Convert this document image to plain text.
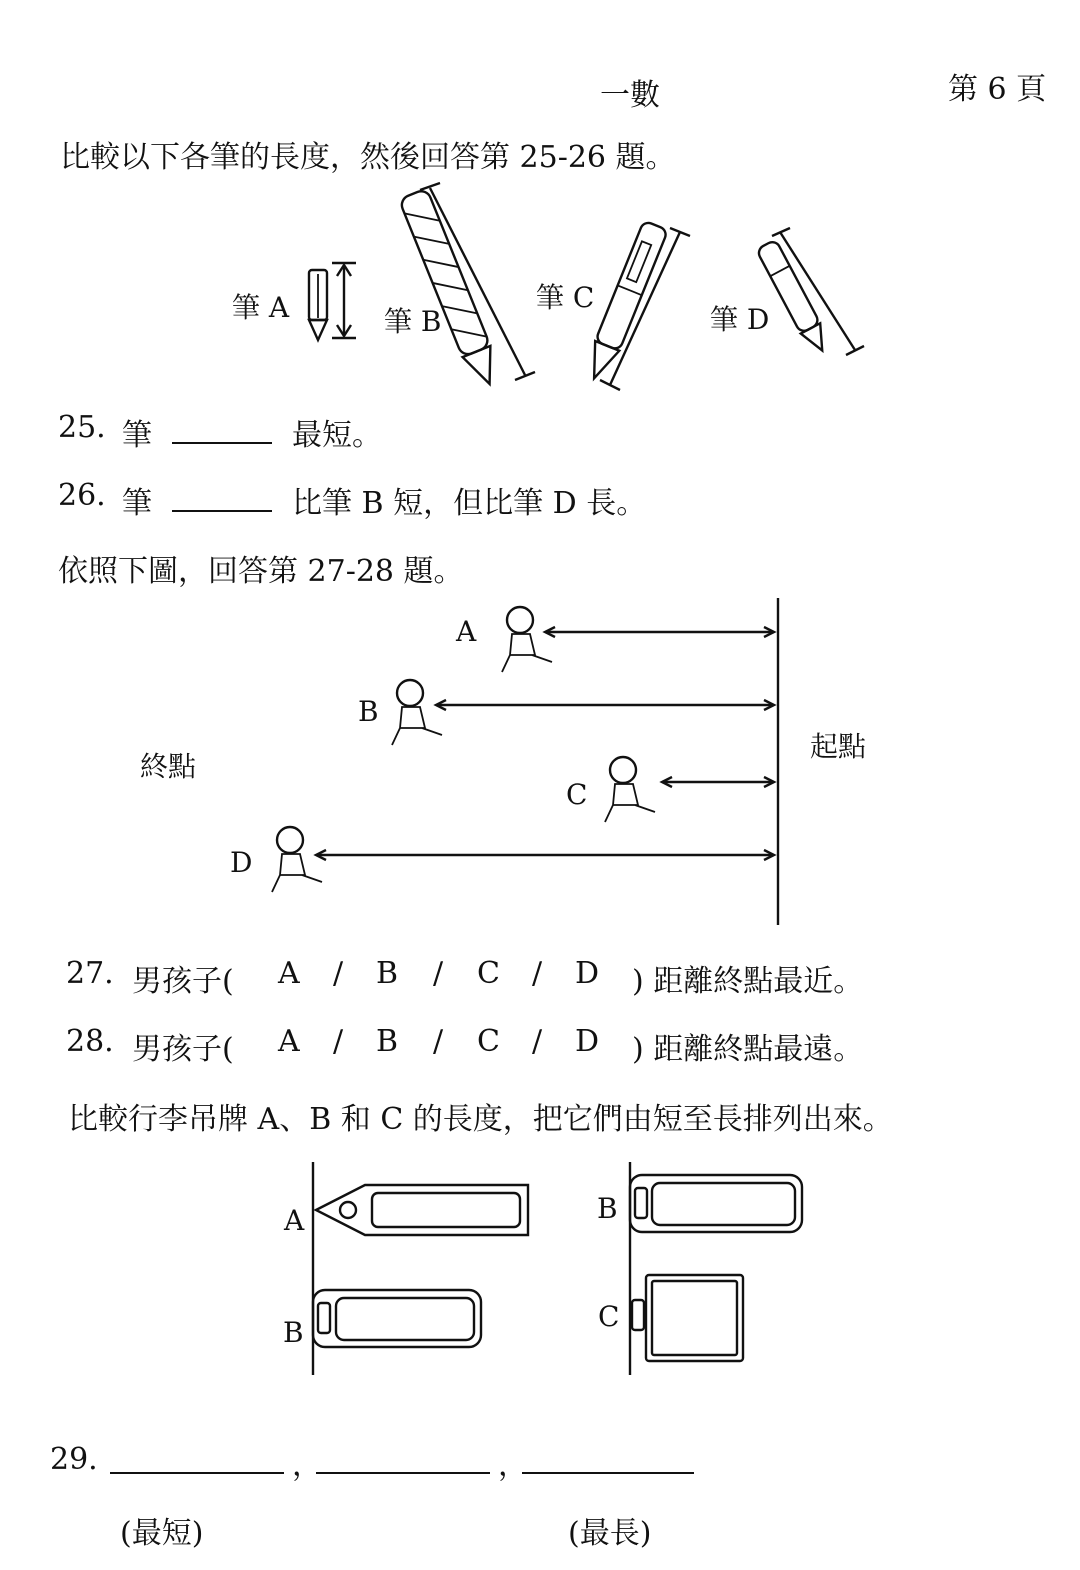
一數	第 6 頁
比較以下各筆的長度，然後回答第 25-26 題。
筆 A	筆 B
筆 C
筆 D
A
B
C
D
終點
起點
25. 筆	最短。
26. 筆	比筆 B 短，但比筆 D 長。
依照下圖，回答第 27-28 題。
27. 男孩子( A / B / C / D ) 距離終點最近。
28. 男孩子( A / B / C / D ) 距離終點最遠。
比較行李吊牌 A、B 和 C 的長度，把它們由短至長排列出來。
A
B
B
C
29.	，	，
(最短)	(最長)
